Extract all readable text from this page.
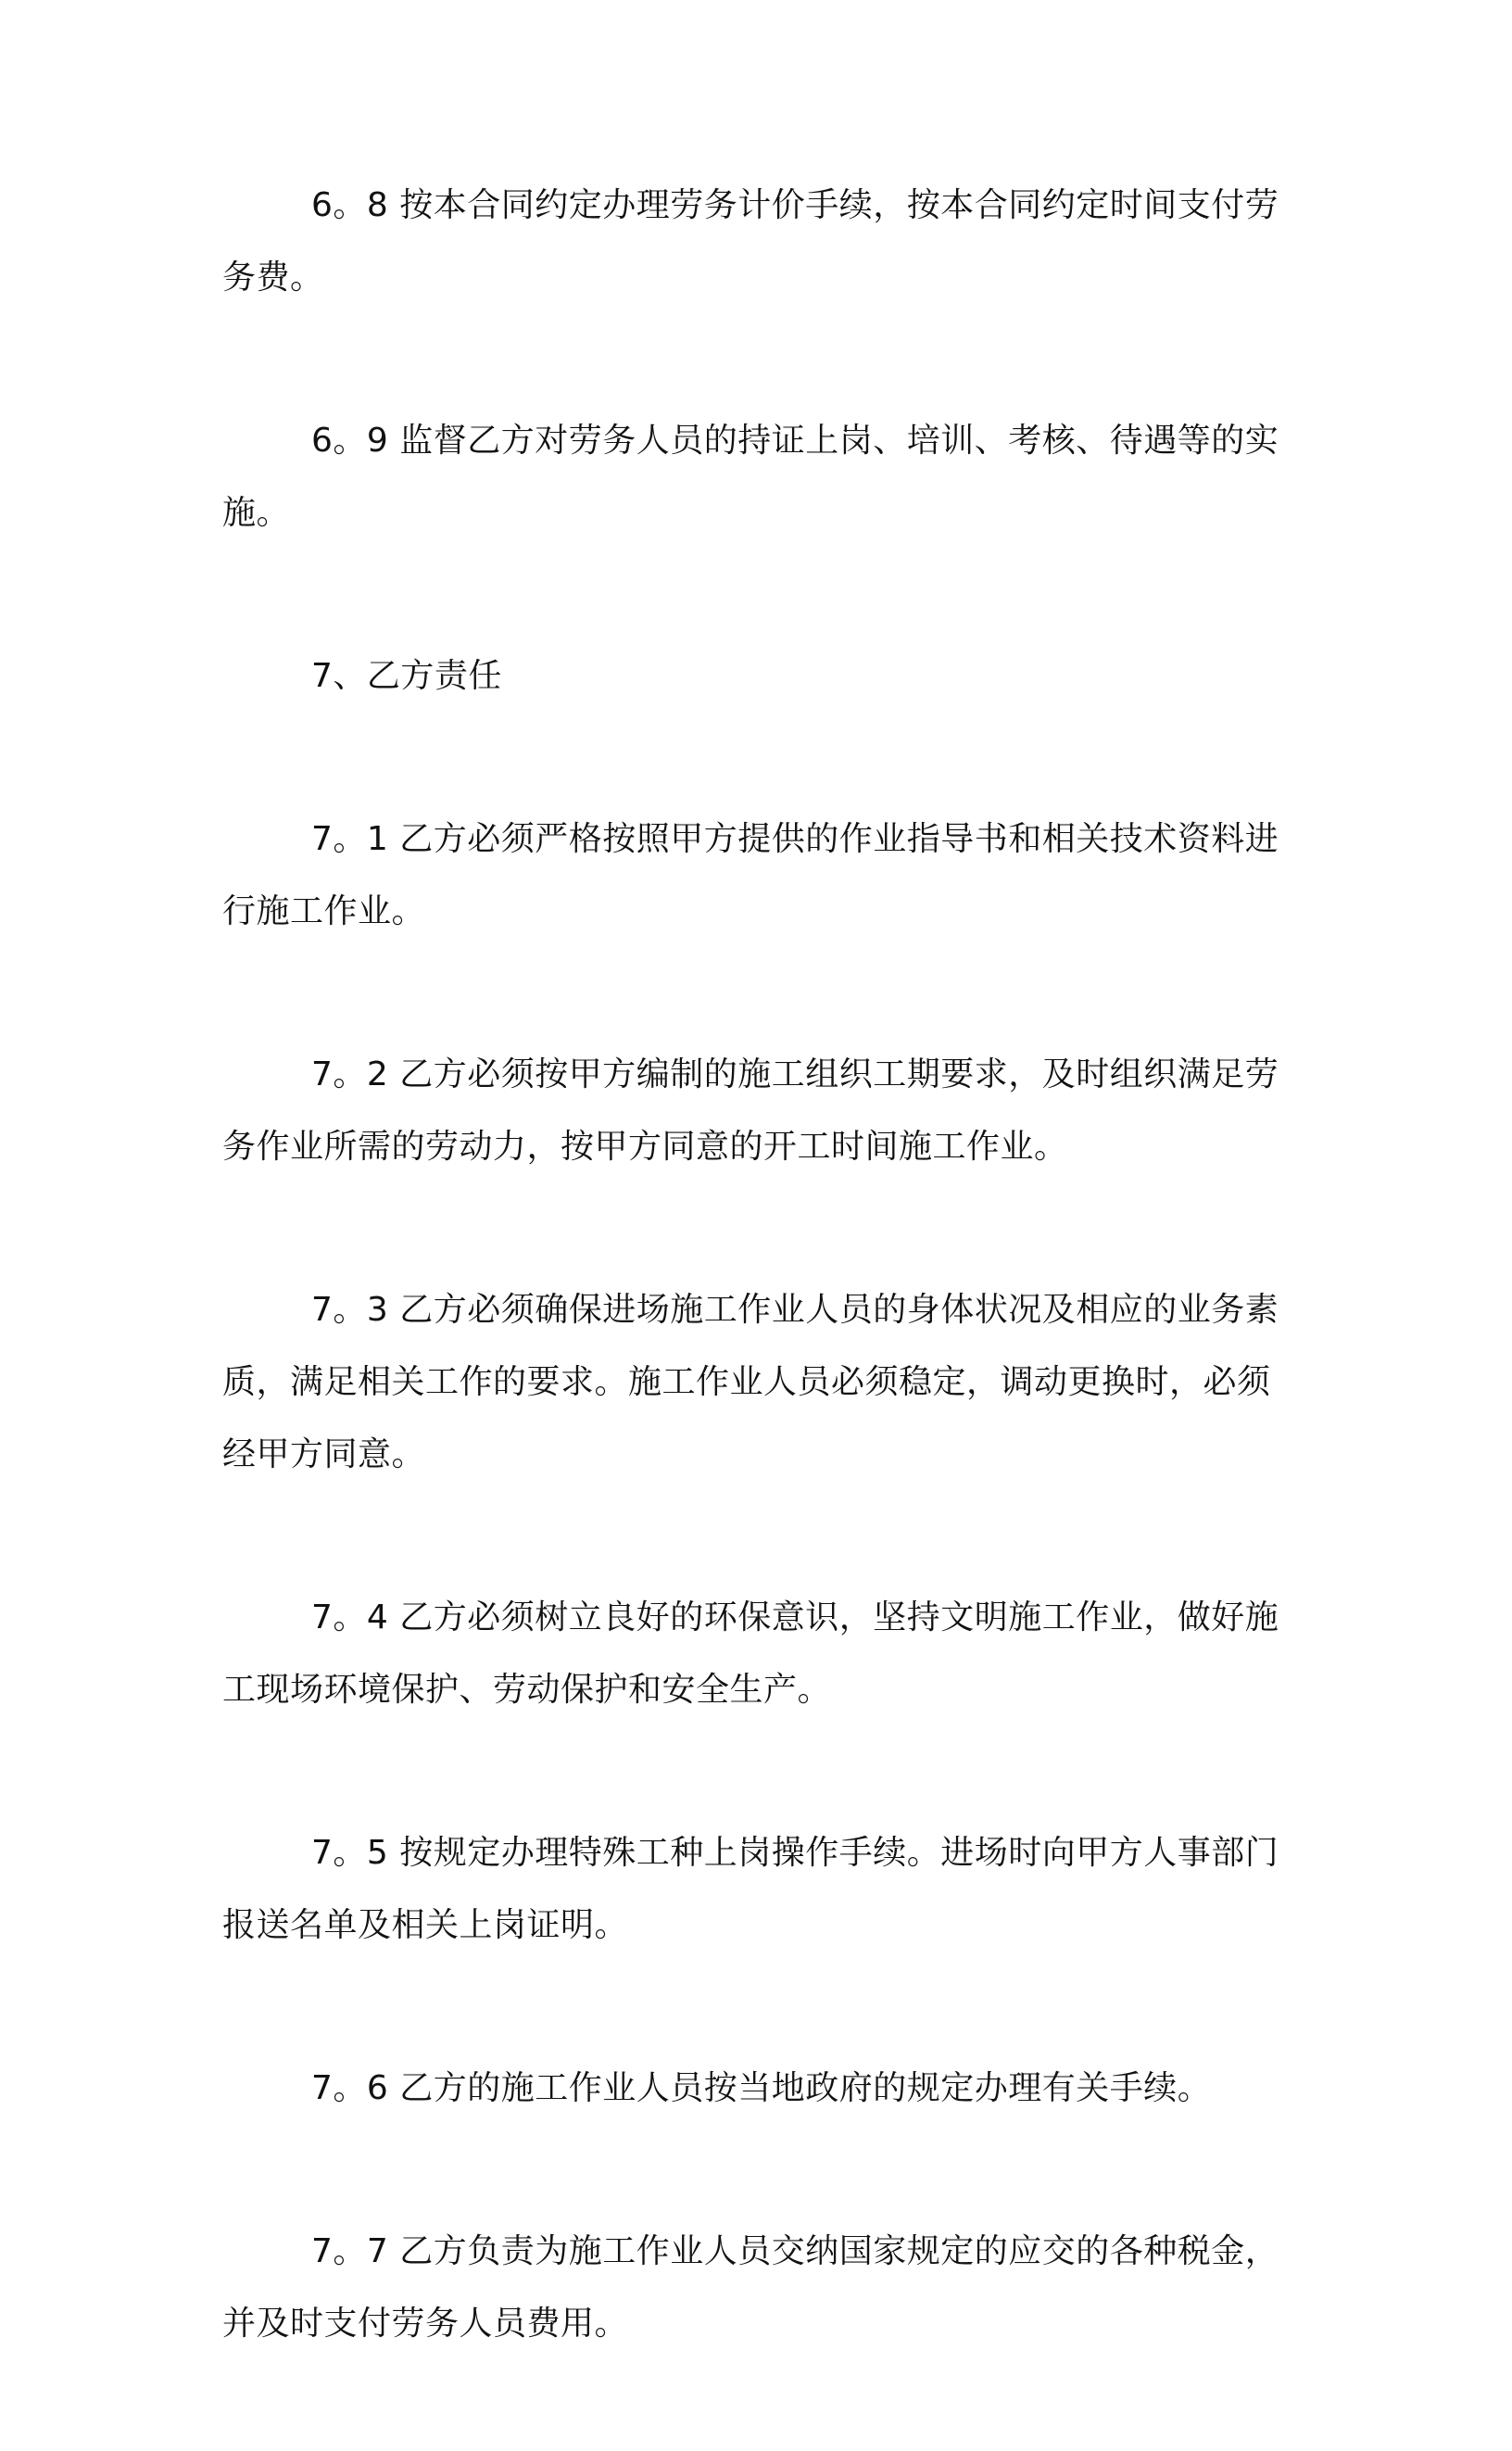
6。8 按本合同约定办理劳务计价手续，按本合同约定时间支付劳务费。

6。9 监督乙方对劳务人员的持证上岗、培训、考核、待遇等的实施。

7、乙方责任

7。1 乙方必须严格按照甲方提供的作业指导书和相关技术资料进行施工作业。

7。2 乙方必须按甲方编制的施工组织工期要求，及时组织满足劳务作业所需的劳动力，按甲方同意的开工时间施工作业。

7。3 乙方必须确保进场施工作业人员的身体状况及相应的业务素质，满足相关工作的要求。施工作业人员必须稳定，调动更换时，必须经甲方同意。

7。4 乙方必须树立良好的环保意识，坚持文明施工作业，做好施工现场环境保护、劳动保护和安全生产。

7。5 按规定办理特殊工种上岗操作手续。进场时向甲方人事部门报送名单及相关上岗证明。

7。6 乙方的施工作业人员按当地政府的规定办理有关手续。

7。7 乙方负责为施工作业人员交纳国家规定的应交的各种税金，并及时支付劳务人员费用。
